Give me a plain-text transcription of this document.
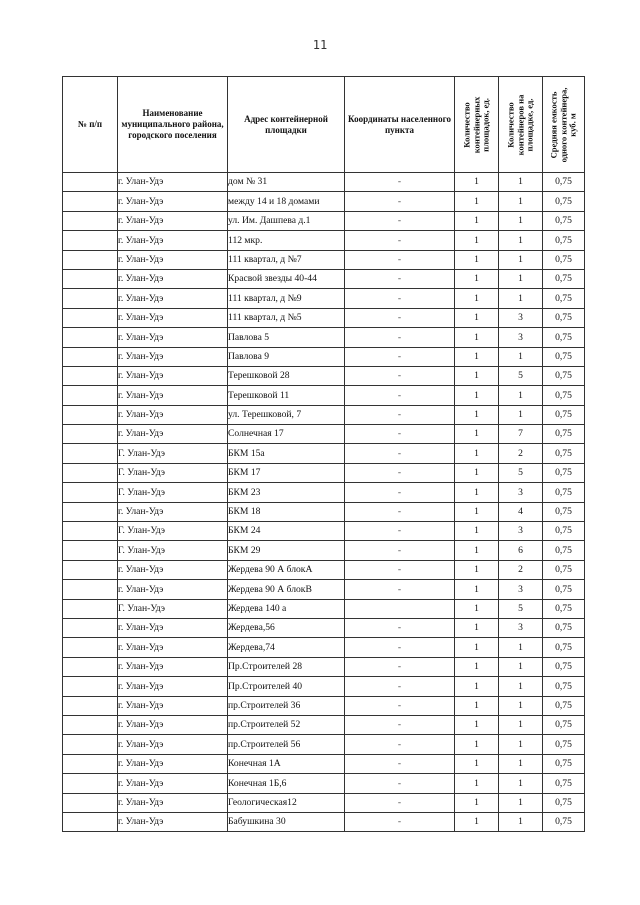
11
№ п/п	Наименование муниципального района, городского поселения	Адрес контейнерной площадки	Координаты населенного пункта	Количество контейнерных площадок, ед.	Количество контейнеров на площадке, ед.	Средняя емкость одного контейнера, куб. м

	г. Улан-Удэ	дом № 31	-	1	1	0,75
	г. Улан-Удэ	между 14 и 18 домами	-	1	1	0,75
	г. Улан-Удэ	ул. Им. Дашпева д.1	-	1	1	0,75
	г. Улан-Удэ	112 мкр.	-	1	1	0,75
	г. Улан-Удэ	111 квартал, д №7	-	1	1	0,75
	г. Улан-Удэ	Красвой звезды 40-44	-	1	1	0,75
	г. Улан-Удэ	111 квартал, д №9	-	1	1	0,75
	г. Улан-Удэ	111 квартал, д №5	-	1	3	0,75
	г. Улан-Удэ	Павлова 5	-	1	3	0,75
	г. Улан-Удэ	Павлова 9	-	1	1	0,75
	г. Улан-Удэ	Терешковой 28	-	1	5	0,75
	г. Улан-Удэ	Терешковой 11	-	1	1	0,75
	г. Улан-Удэ	ул. Терешковой, 7	-	1	1	0,75
	г. Улан-Удэ	Солнечная 17	-	1	7	0,75
	Г. Улан-Удэ	БКМ 15а	-	1	2	0,75
	Г. Улан-Удэ	БКМ 17	-	1	5	0,75
	Г. Улан-Удэ	БКМ 23	-	1	3	0,75
	г. Улан-Удэ	БКМ 18	-	1	4	0,75
	Г. Улан-Удэ	БКМ 24	-	1	3	0,75
	Г. Улан-Удэ	БКМ 29	-	1	6	0,75
	г. Улан-Удэ	Жердева 90 А блокА	-	1	2	0,75
	г. Улан-Удэ	Жердева 90 А блокВ	-	1	3	0,75
	Г. Улан-Удэ	Жердева 140 а		1	5	0,75
	г. Улан-Удэ	Жердева,56	-	1	3	0,75
	г. Улан-Удэ	Жердева,74	-	1	1	0,75
	г. Улан-Удэ	Пр.Строителей 28	-	1	1	0,75
	г. Улан-Удэ	Пр.Строителей 40	-	1	1	0,75
	г. Улан-Удэ	пр.Строителей 36	-	1	1	0,75
	г. Улан-Удэ	пр.Строителей 52	-	1	1	0,75
	г. Улан-Удэ	пр.Строителей 56	-	1	1	0,75
	г. Улан-Удэ	Конечная 1А	-	1	1	0,75
	г. Улан-Удэ	Конечная 1Б,6	-	1	1	0,75
	г. Улан-Удэ	Геологическая12	-	1	1	0,75
	г. Улан-Удэ	Бабушкина 30	-	1	1	0,75
